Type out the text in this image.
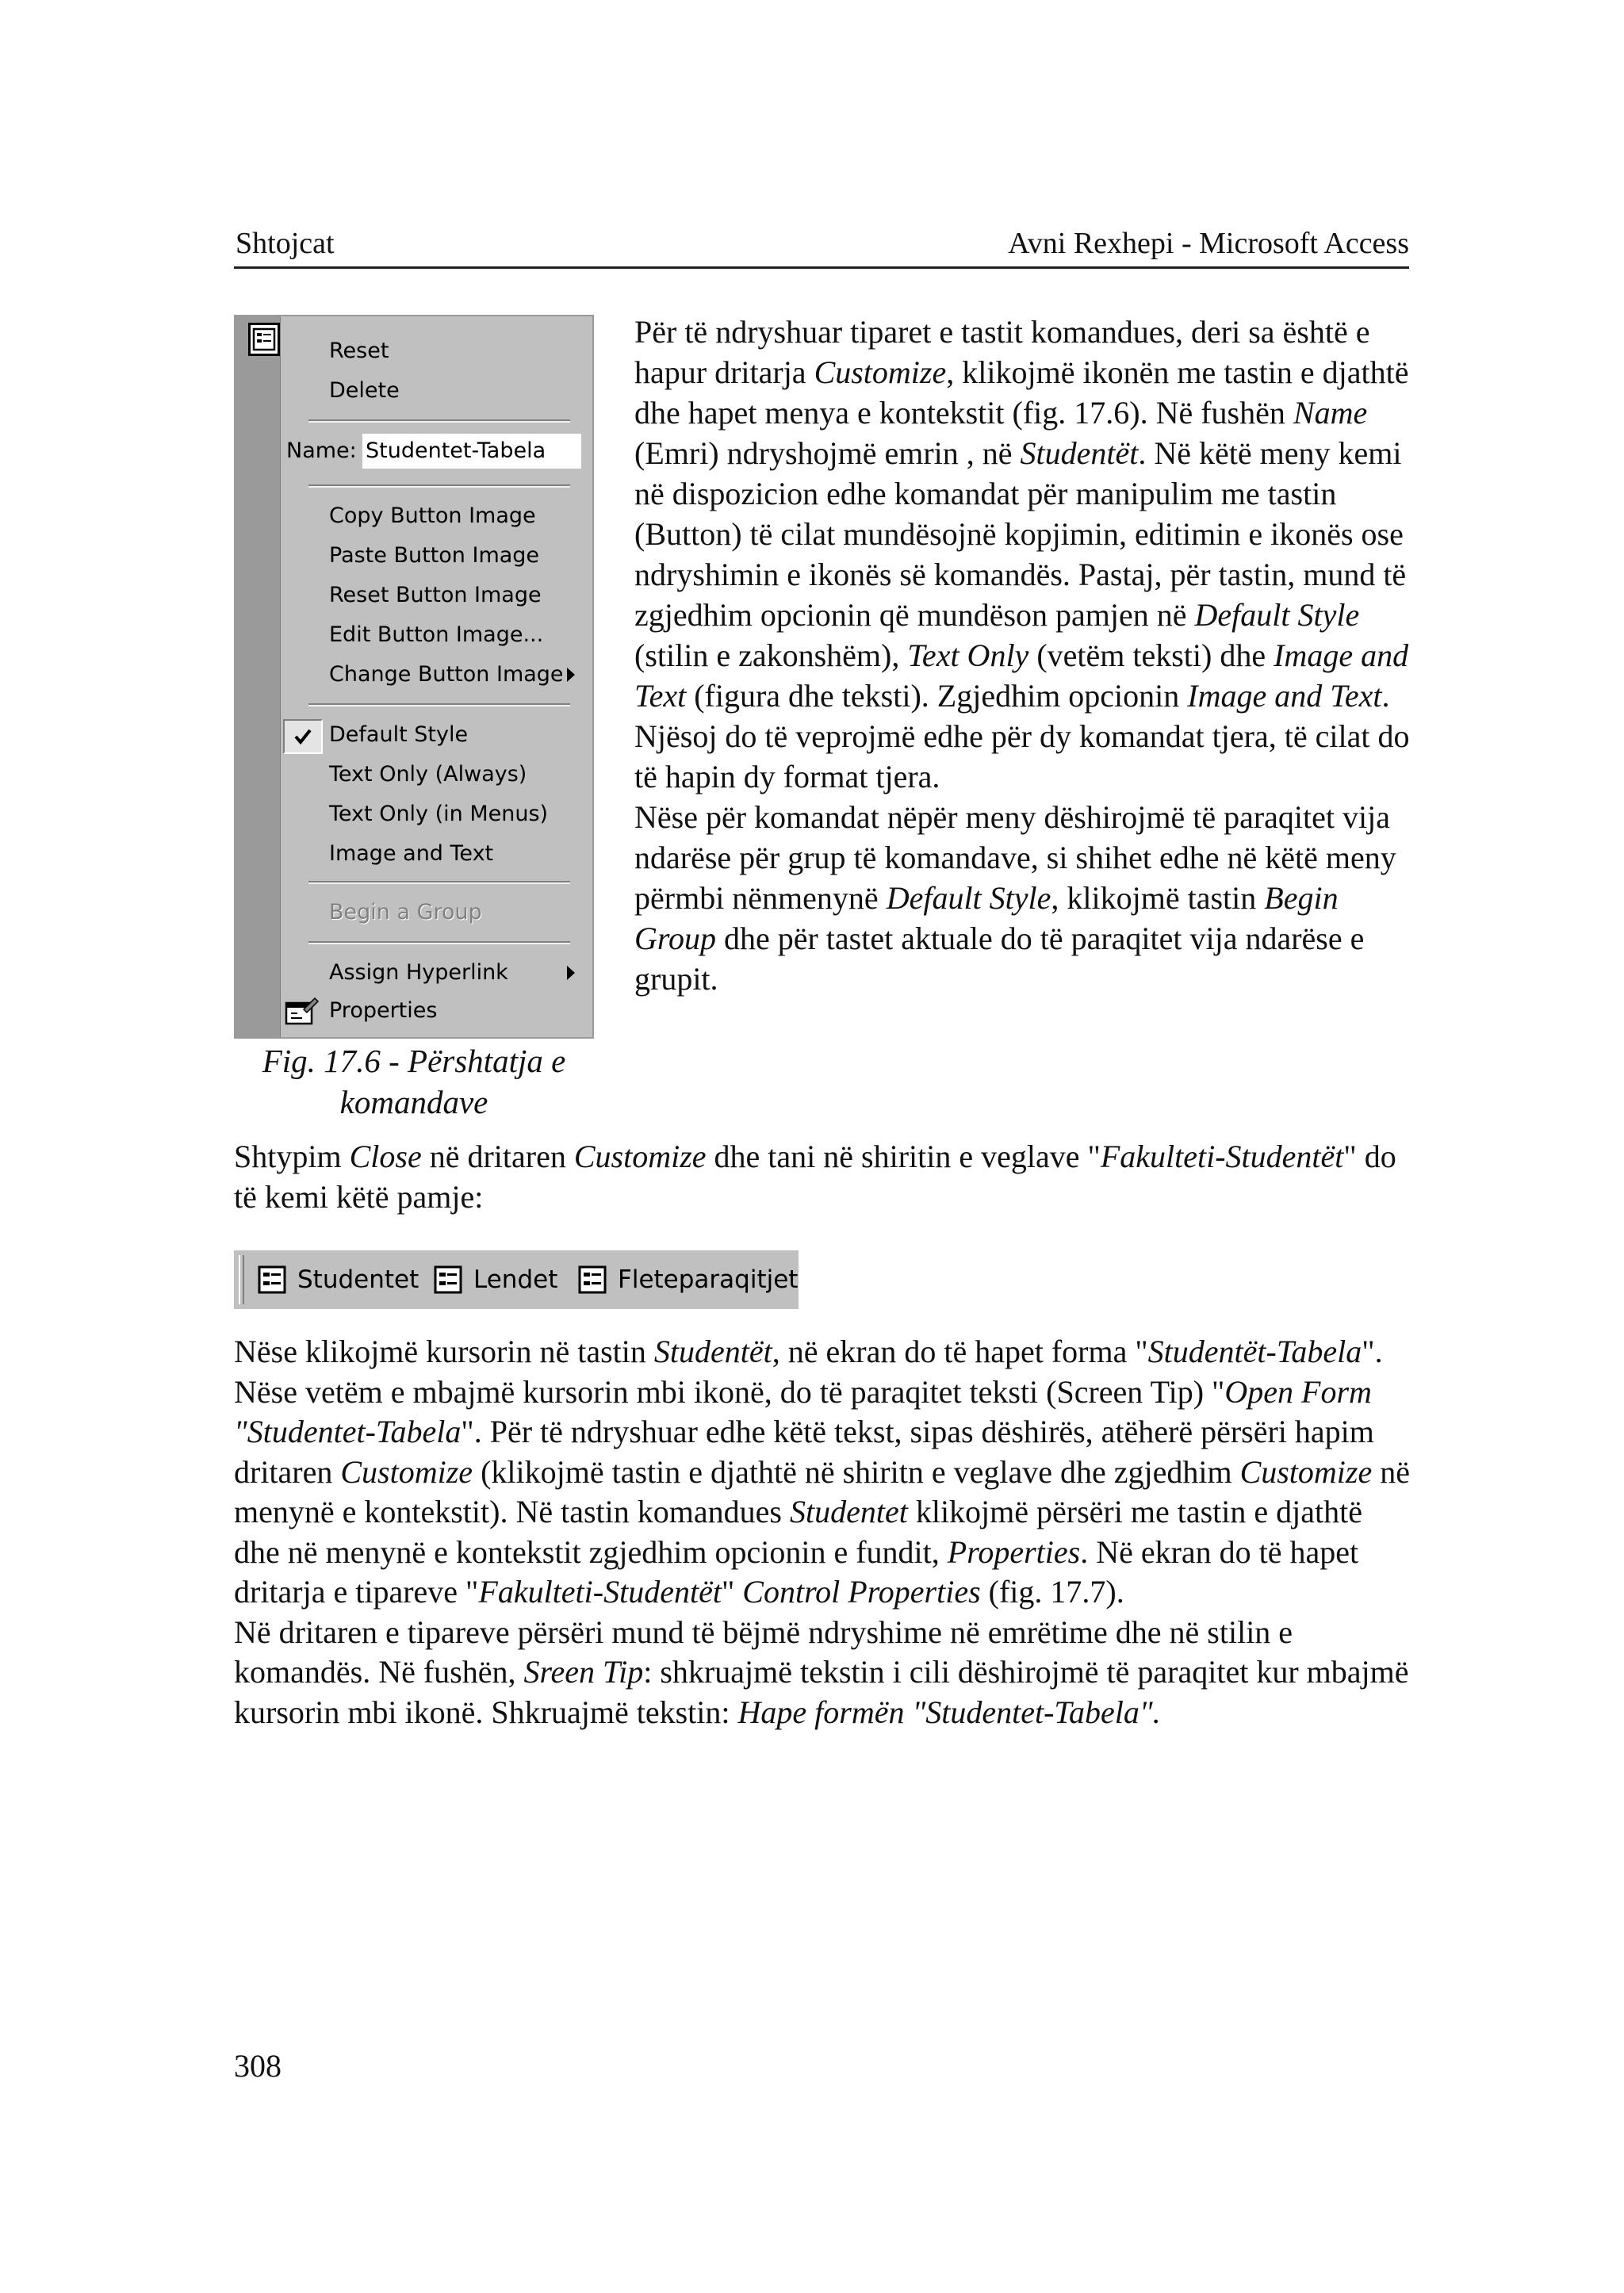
Shtojcat	Avni Rexhepi - Microsoft Access
Reset
Delete
Name: Studentet-Tabela
Copy Button Image
Paste Button Image
Reset Button Image
Edit Button Image...
Change Button Image
Default Style
Text Only (Always)
Text Only (in Menus)
Image and Text
Begin a Group
Assign Hyperlink
Properties
Fig. 17.6 - Përshtatja e
komandave

Për të ndryshuar tiparet e tastit komandues, deri sa është e hapur dritarja Customize, klikojmë ikonën me tastin e djathtë dhe hapet menya e kontekstit (fig. 17.6). Në fushën Name (Emri) ndryshojmë emrin , në Studentët. Në këtë meny kemi në dispozicion edhe komandat për manipulim me tastin (Button) të cilat mundësojnë kopjimin, editimin e ikonës ose ndryshimin e ikonës së komandës. Pastaj, për tastin, mund të zgjedhim opcionin që mundëson pamjen në Default Style (stilin e zakonshëm), Text Only (vetëm teksti) dhe Image and Text (figura dhe teksti). Zgjedhim opcionin Image and Text. Njësoj do të veprojmë edhe për dy komandat tjera, të cilat do të hapin dy format tjera.

Nëse për komandat nëpër meny dëshirojmë të paraqitet vija ndarëse për grup të komandave, si shihet edhe në këtë meny përmbi nënmenynë Default Style, klikojmë tastin Begin Group dhe për tastet aktuale do të paraqitet vija ndarëse e grupit.

Shtypim Close në dritaren Customize dhe tani në shiritin e veglave "Fakulteti-Studentët" do të kemi këtë pamje:

Studentet Lendet Fleteparaqitjet

Nëse klikojmë kursorin në tastin Studentët, në ekran do të hapet forma "Studentët-Tabela". Nëse vetëm e mbajmë kursorin mbi ikonë, do të paraqitet teksti (Screen Tip) "Open Form "Studentet-Tabela". Për të ndryshuar edhe këtë tekst, sipas dëshirës, atëherë përsëri hapim dritaren Customize (klikojmë tastin e djathtë në shiritn e veglave dhe zgjedhim Customize në menynë e kontekstit). Në tastin komandues Studentet klikojmë përsëri me tastin e djathtë dhe në menynë e kontekstit zgjedhim opcionin e fundit, Properties. Në ekran do të hapet dritarja e tipareve "Fakulteti-Studentët" Control Properties (fig. 17.7).

Në dritaren e tipareve përsëri mund të bëjmë ndryshime në emrëtime dhe në stilin e komandës. Në fushën, Sreen Tip: shkruajmë tekstin i cili dëshirojmë të paraqitet kur mbajmë kursorin mbi ikonë. Shkruajmë tekstin: Hape formën "Studentet-Tabela".

308
